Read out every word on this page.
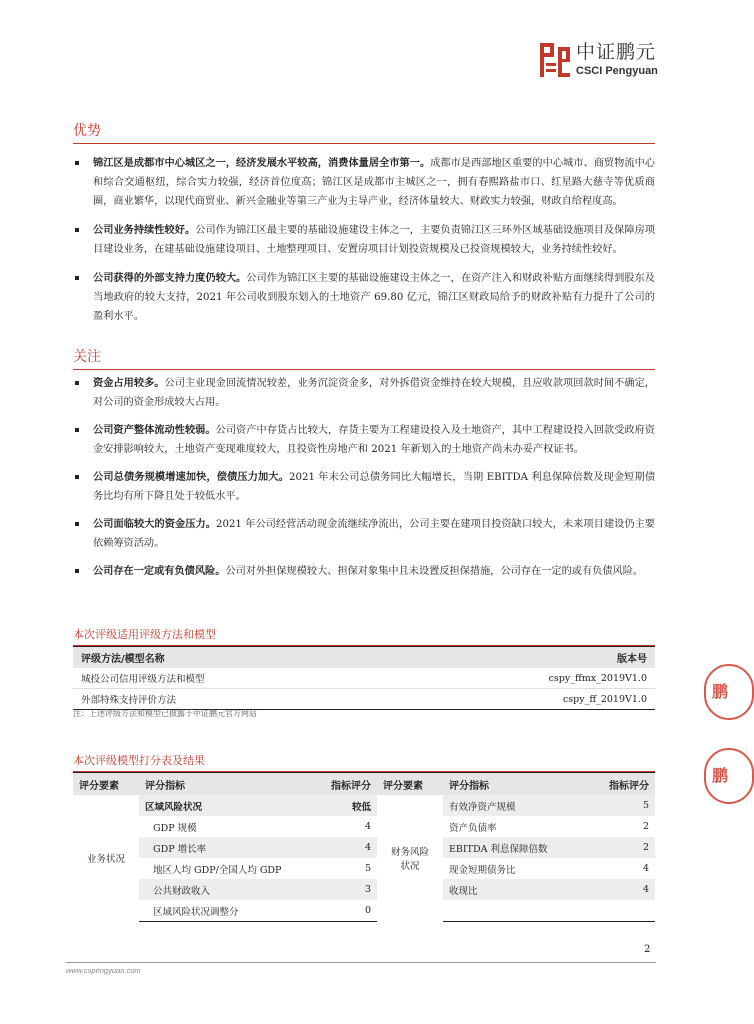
中证鹏元
CSCI Pengyuan
优势
锦江区是成都市中心城区之一，经济发展水平较高，消费体量居全市第一。成都市是西部地区重要的中心城市、商贸物流中心和综合交通枢纽，综合实力较强，经济首位度高；锦江区是成都市主城区之一，拥有春熙路盐市口、红星路大慈寺等优质商圈，商业繁华，以现代商贸业、新兴金融业等第三产业为主导产业，经济体量较大、财政实力较强，财政自给程度高。
公司业务持续性较好。公司作为锦江区最主要的基础设施建设主体之一，主要负责锦江区三环外区域基础设施项目及保障房项目建设业务，在建基础设施建设项目、土地整理项目、安置房项目计划投资规模及已投资规模较大，业务持续性较好。
公司获得的外部支持力度仍较大。公司作为锦江区主要的基础设施建设主体之一，在资产注入和财政补贴方面继续得到股东及当地政府的较大支持，2021 年公司收到股东划入的土地资产 69.80 亿元，锦江区财政局给予的财政补贴有力提升了公司的盈利水平。
关注
资金占用较多。公司主业现金回流情况较差，业务沉淀资金多，对外拆借资金维持在较大规模，且应收款项回款时间不确定，对公司的资金形成较大占用。
公司资产整体流动性较弱。公司资产中存货占比较大，存货主要为工程建设投入及土地资产，其中工程建设投入回款受政府资金安排影响较大，土地资产变现难度较大，且投资性房地产和 2021 年新划入的土地资产尚未办妥产权证书。
公司总债务规模增速加快，偿债压力加大。2021 年末公司总债务同比大幅增长，当期 EBITDA 利息保障倍数及现金短期债务比均有所下降且处于较低水平。
公司面临较大的资金压力。2021 年公司经营活动现金流继续净流出，公司主要在建项目投资缺口较大，未来项目建设仍主要依赖筹资活动。
公司存在一定或有负债风险。公司对外担保规模较大、担保对象集中且未设置反担保措施，公司存在一定的或有负债风险。
本次评级适用评级方法和模型
评级方法/模型名称	版本号
城投公司信用评级方法和模型	cspy_ffmx_2019V1.0
外部特殊支持评价方法	cspy_ff_2019V1.0
注：上述评级方法和模型已披露于中证鹏元官方网站
本次评级模型打分表及结果
评分要素	评分指标	指标评分	评分要素	评分指标	指标评分
业务状况	区域风险状况	较低	财务风险状况	有效净资产规模	5
	GDP 规模	4		资产负债率	2
	GDP 增长率	4		EBITDA 利息保障倍数	2
	地区人均 GDP/全国人均 GDP	5		现金短期债务比	4
	公共财政收入	3		收现比	4
	区域风险状况调整分	0			
2
www.cspengyuan.com
鹏
鹏
